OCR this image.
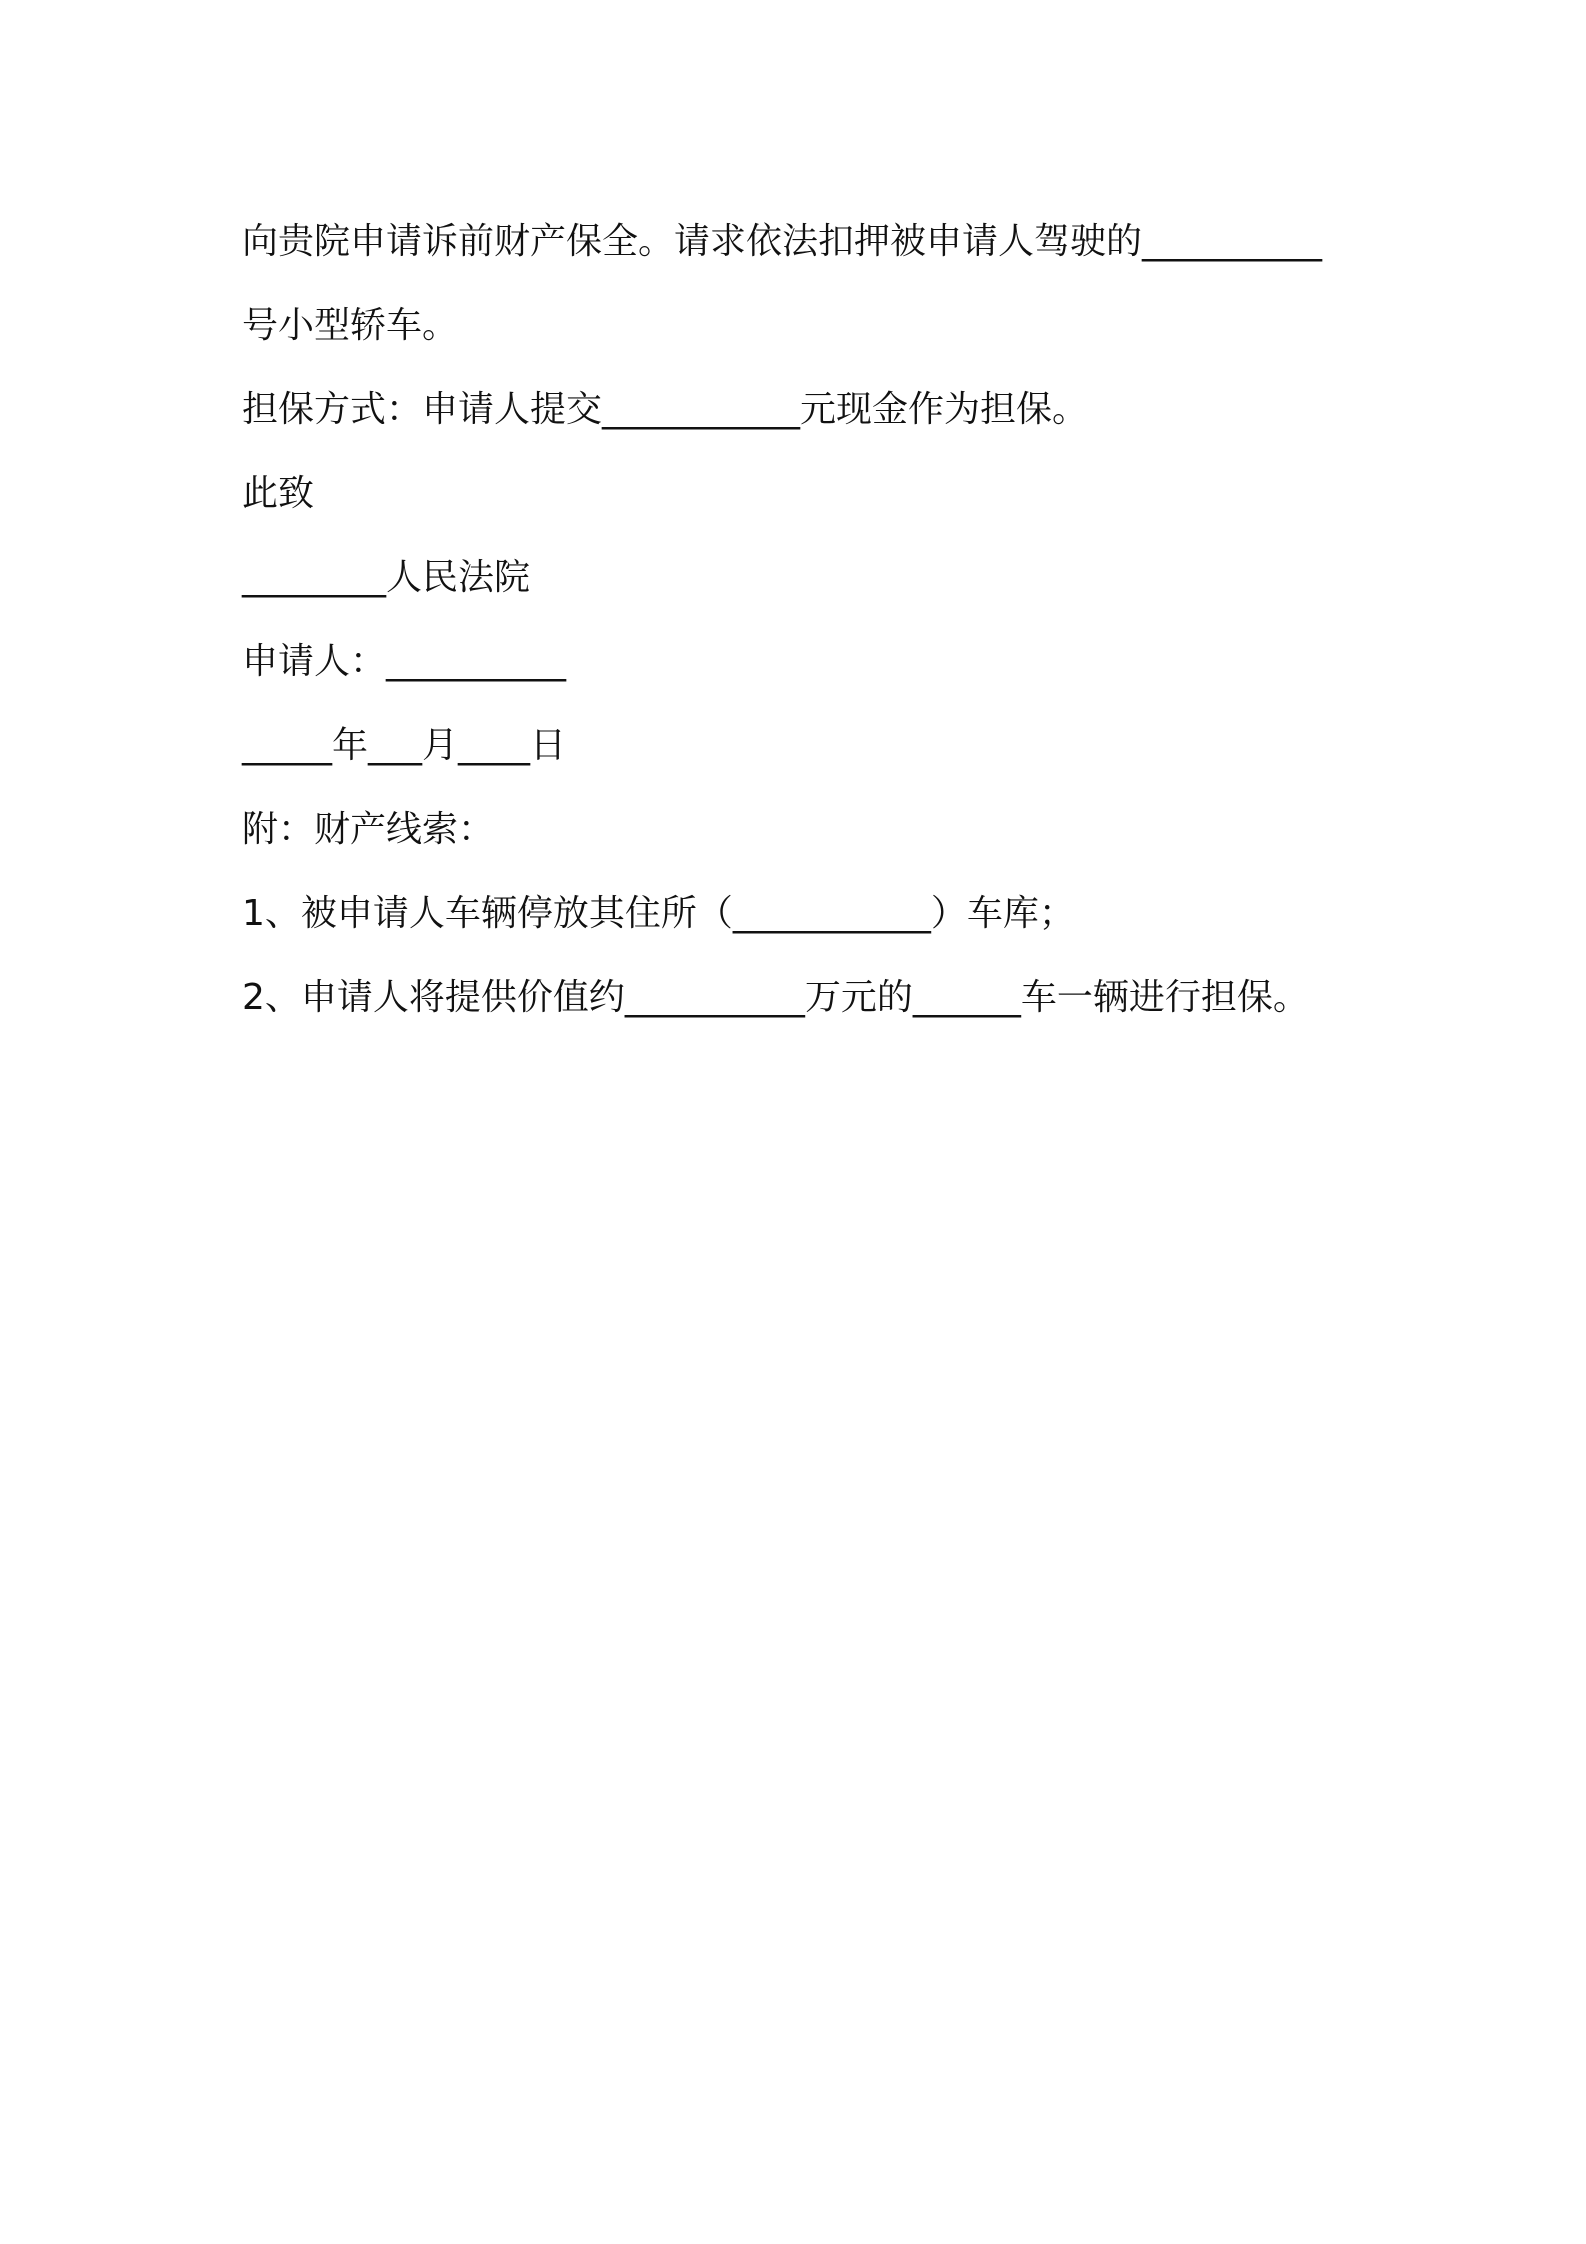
向贵院申请诉前财产保全。请求依法扣押被申请人驾驶的__________
号小型轿车。
担保方式：申请人提交___________元现金作为担保。
此致
________人民法院
申请人：__________
_____年___月____日
附：财产线索：
1、被申请人车辆停放其住所（___________）车库；
2、申请人将提供价值约__________万元的______车一辆进行担保。
